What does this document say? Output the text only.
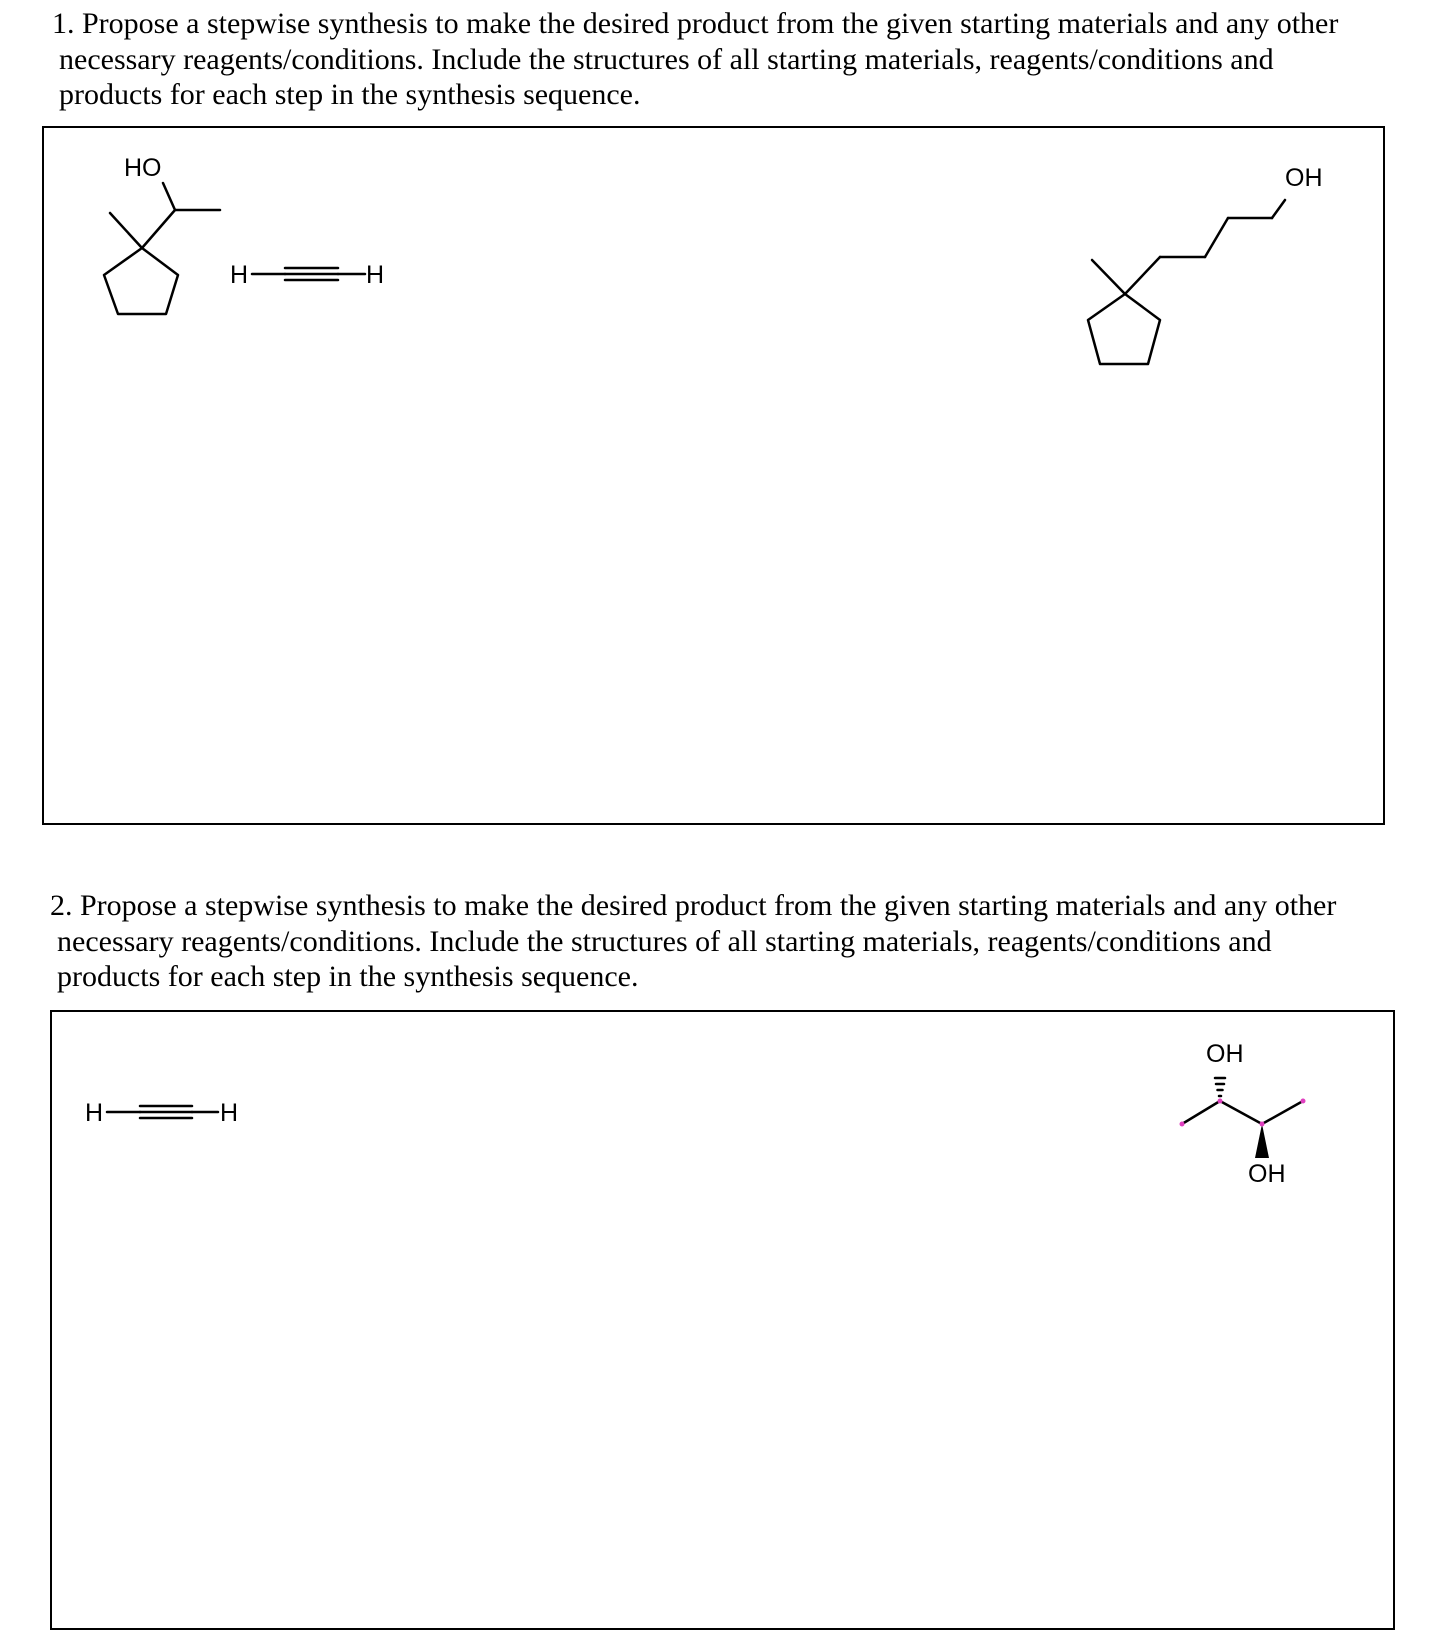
1. Propose a stepwise synthesis to make the desired product from the given starting materials and any other
necessary reagents/conditions. Include the structures of all starting materials, reagents/conditions and
products for each step in the synthesis sequence.
2. Propose a stepwise synthesis to make the desired product from the given starting materials and any other
necessary reagents/conditions. Include the structures of all starting materials, reagents/conditions and
products for each step in the synthesis sequence.
HO
H	H
OH
H	H
OH
OH
